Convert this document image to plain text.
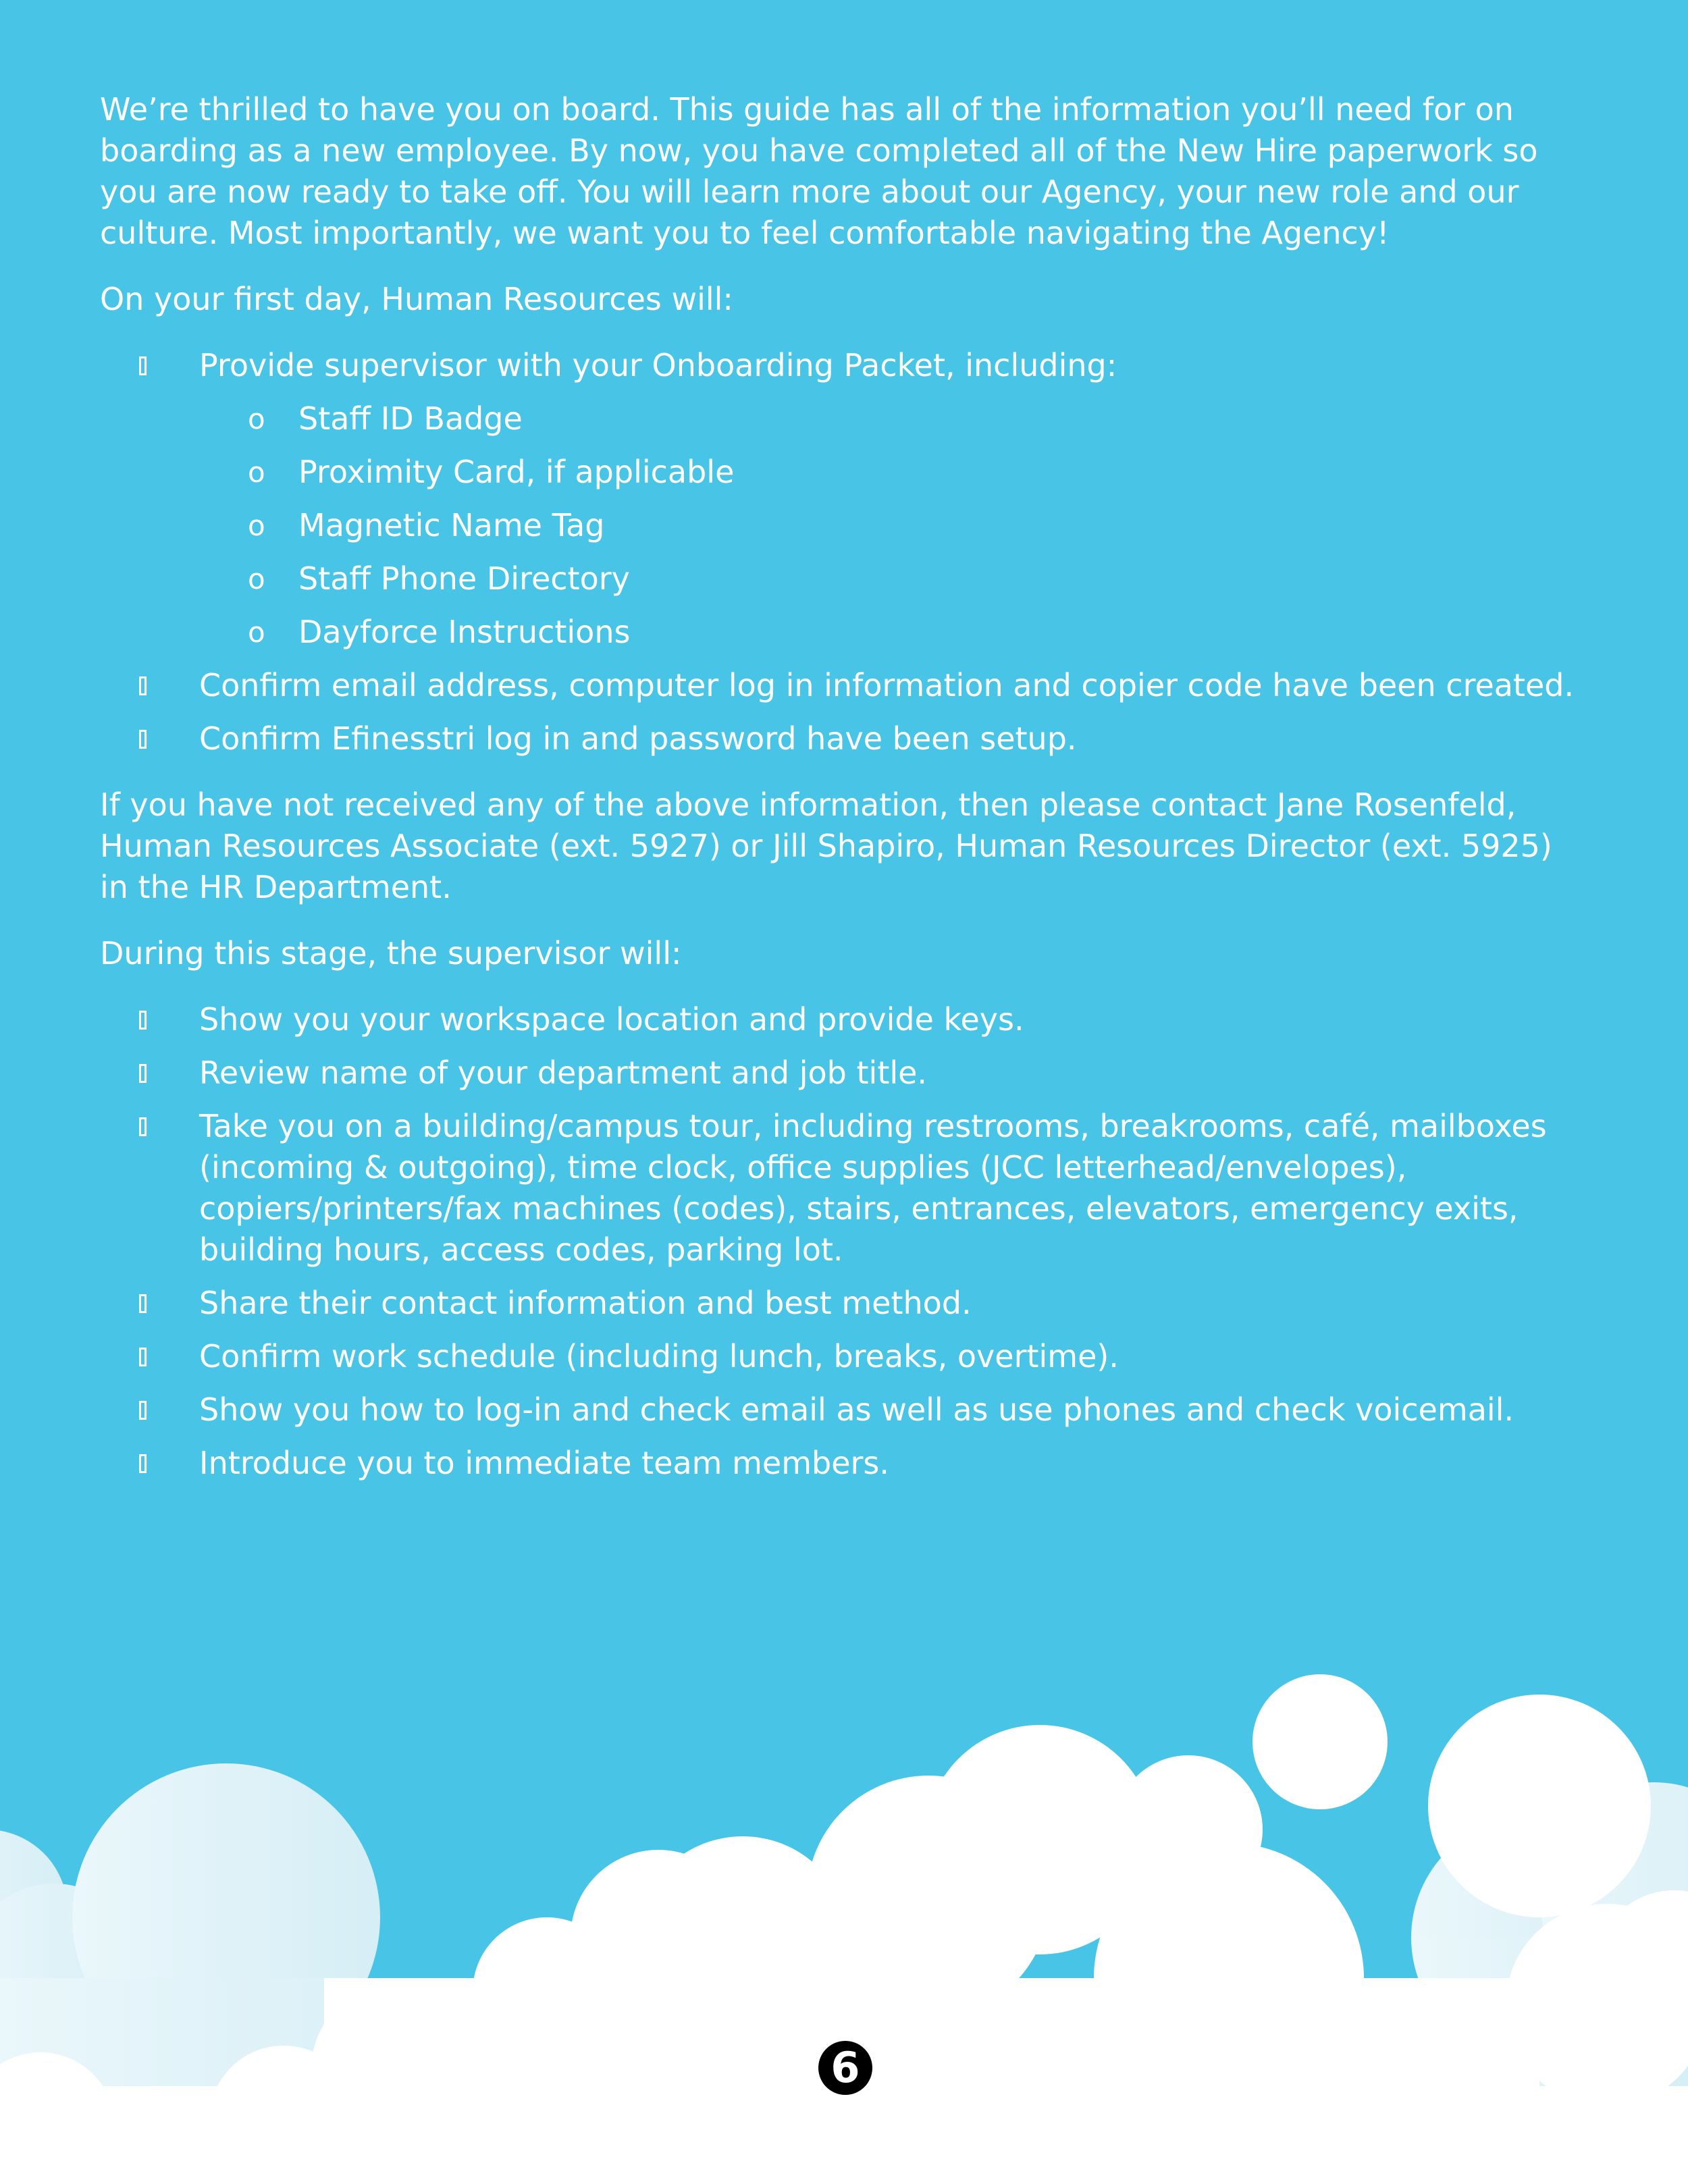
We’re thrilled to have you on board. This guide has all of the information you’ll need for on boarding as a new employee. By now, you have completed all of the New Hire paperwork so you are now ready to take off. You will learn more about our Agency, your new role and our culture. Most importantly, we want you to feel comfortable navigating the Agency!

On your first day, Human Resources will:

Provide supervisor with your Onboarding Packet, including:
o Staff ID Badge
o Proximity Card, if applicable
o Magnetic Name Tag
o Staff Phone Directory
o Dayforce Instructions
Confirm email address, computer log in information and copier code have been created.
Confirm Efinesstri log in and password have been setup.

If you have not received any of the above information, then please contact Jane Rosenfeld, Human Resources Associate (ext. 5927) or Jill Shapiro, Human Resources Director (ext. 5925) in the HR Department.

During this stage, the supervisor will:

Show you your workspace location and provide keys.
Review name of your department and job title.
Take you on a building/campus tour, including restrooms, breakrooms, café, mailboxes (incoming & outgoing), time clock, office supplies (JCC letterhead/envelopes), copiers/printers/fax machines (codes), stairs, entrances, elevators, emergency exits, building hours, access codes, parking lot.
Share their contact information and best method.
Confirm work schedule (including lunch, breaks, overtime).
Show you how to log-in and check email as well as use phones and check voicemail.
Introduce you to immediate team members.
6
